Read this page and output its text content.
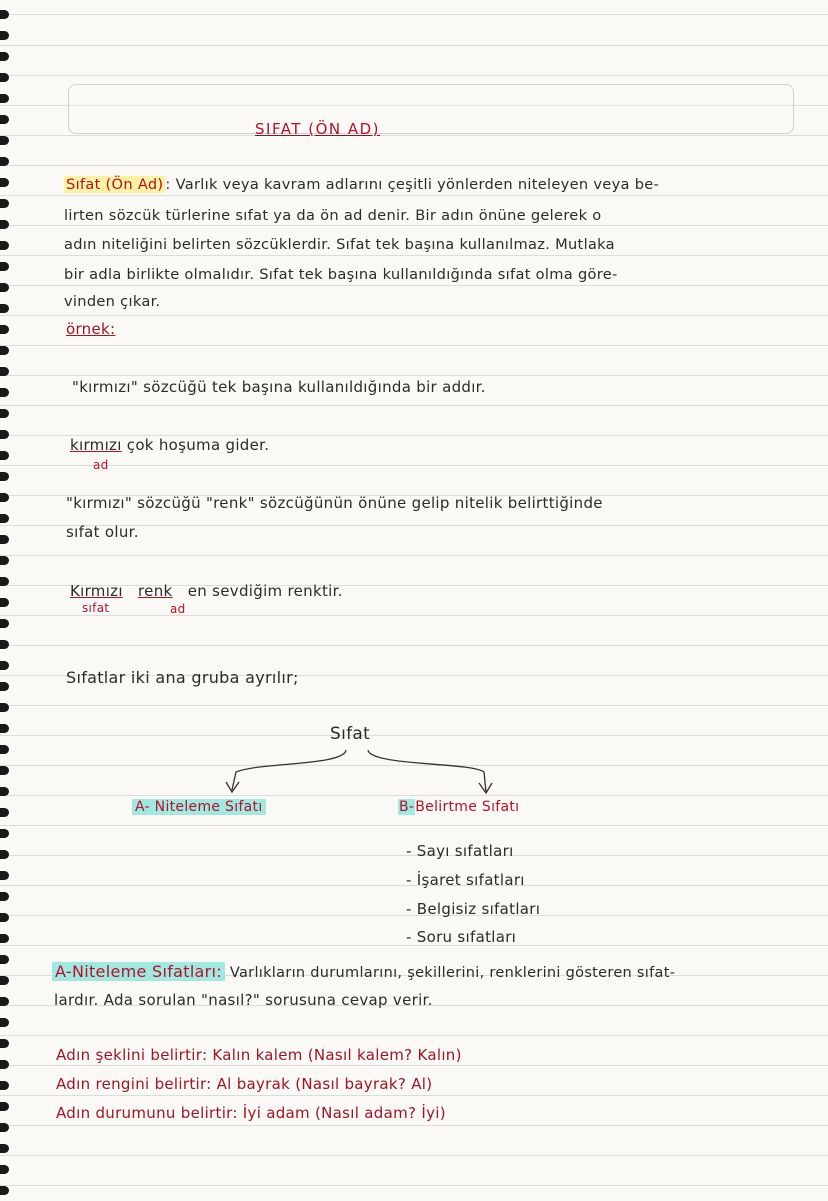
SIFAT (ÖN AD)
Sıfat (Ön Ad) : Varlık veya kavram adlarını çeşitli yönlerden niteleyen veya be-
lirten sözcük türlerine sıfat ya da ön ad denir. Bir adın önüne gelerek o
adın niteliğini belirten sözcüklerdir. Sıfat tek başına kullanılmaz. Mutlaka
bir adla birlikte olmalıdır. Sıfat tek başına kullanıldığında sıfat olma göre-
vinden çıkar.
örnek:
"kırmızı" sözcüğü tek başına kullanıldığında bir addır.
kırmızı çok hoşuma gider.
ad
"kırmızı" sözcüğü "renk" sözcüğünün önüne gelip nitelik belirttiğinde
sıfat olur.
Kırmızı renk en sevdiğim renktir.
sıfat	ad
Sıfatlar iki ana gruba ayrılır;
Sıfat
A- Niteleme Sıfatı	B-Belirtme Sıfatı
- Sayı sıfatları
- İşaret sıfatları
- Belgisiz sıfatları
- Soru sıfatları
A-Niteleme Sıfatları: Varlıkların durumlarını, şekillerini, renklerini gösteren sıfat-
lardır. Ada sorulan "nasıl?" sorusuna cevap verir.
Adın şeklini belirtir: Kalın kalem (Nasıl kalem? Kalın)
Adın rengini belirtir: Al bayrak (Nasıl bayrak? Al)
Adın durumunu belirtir: İyi adam (Nasıl adam? İyi)
